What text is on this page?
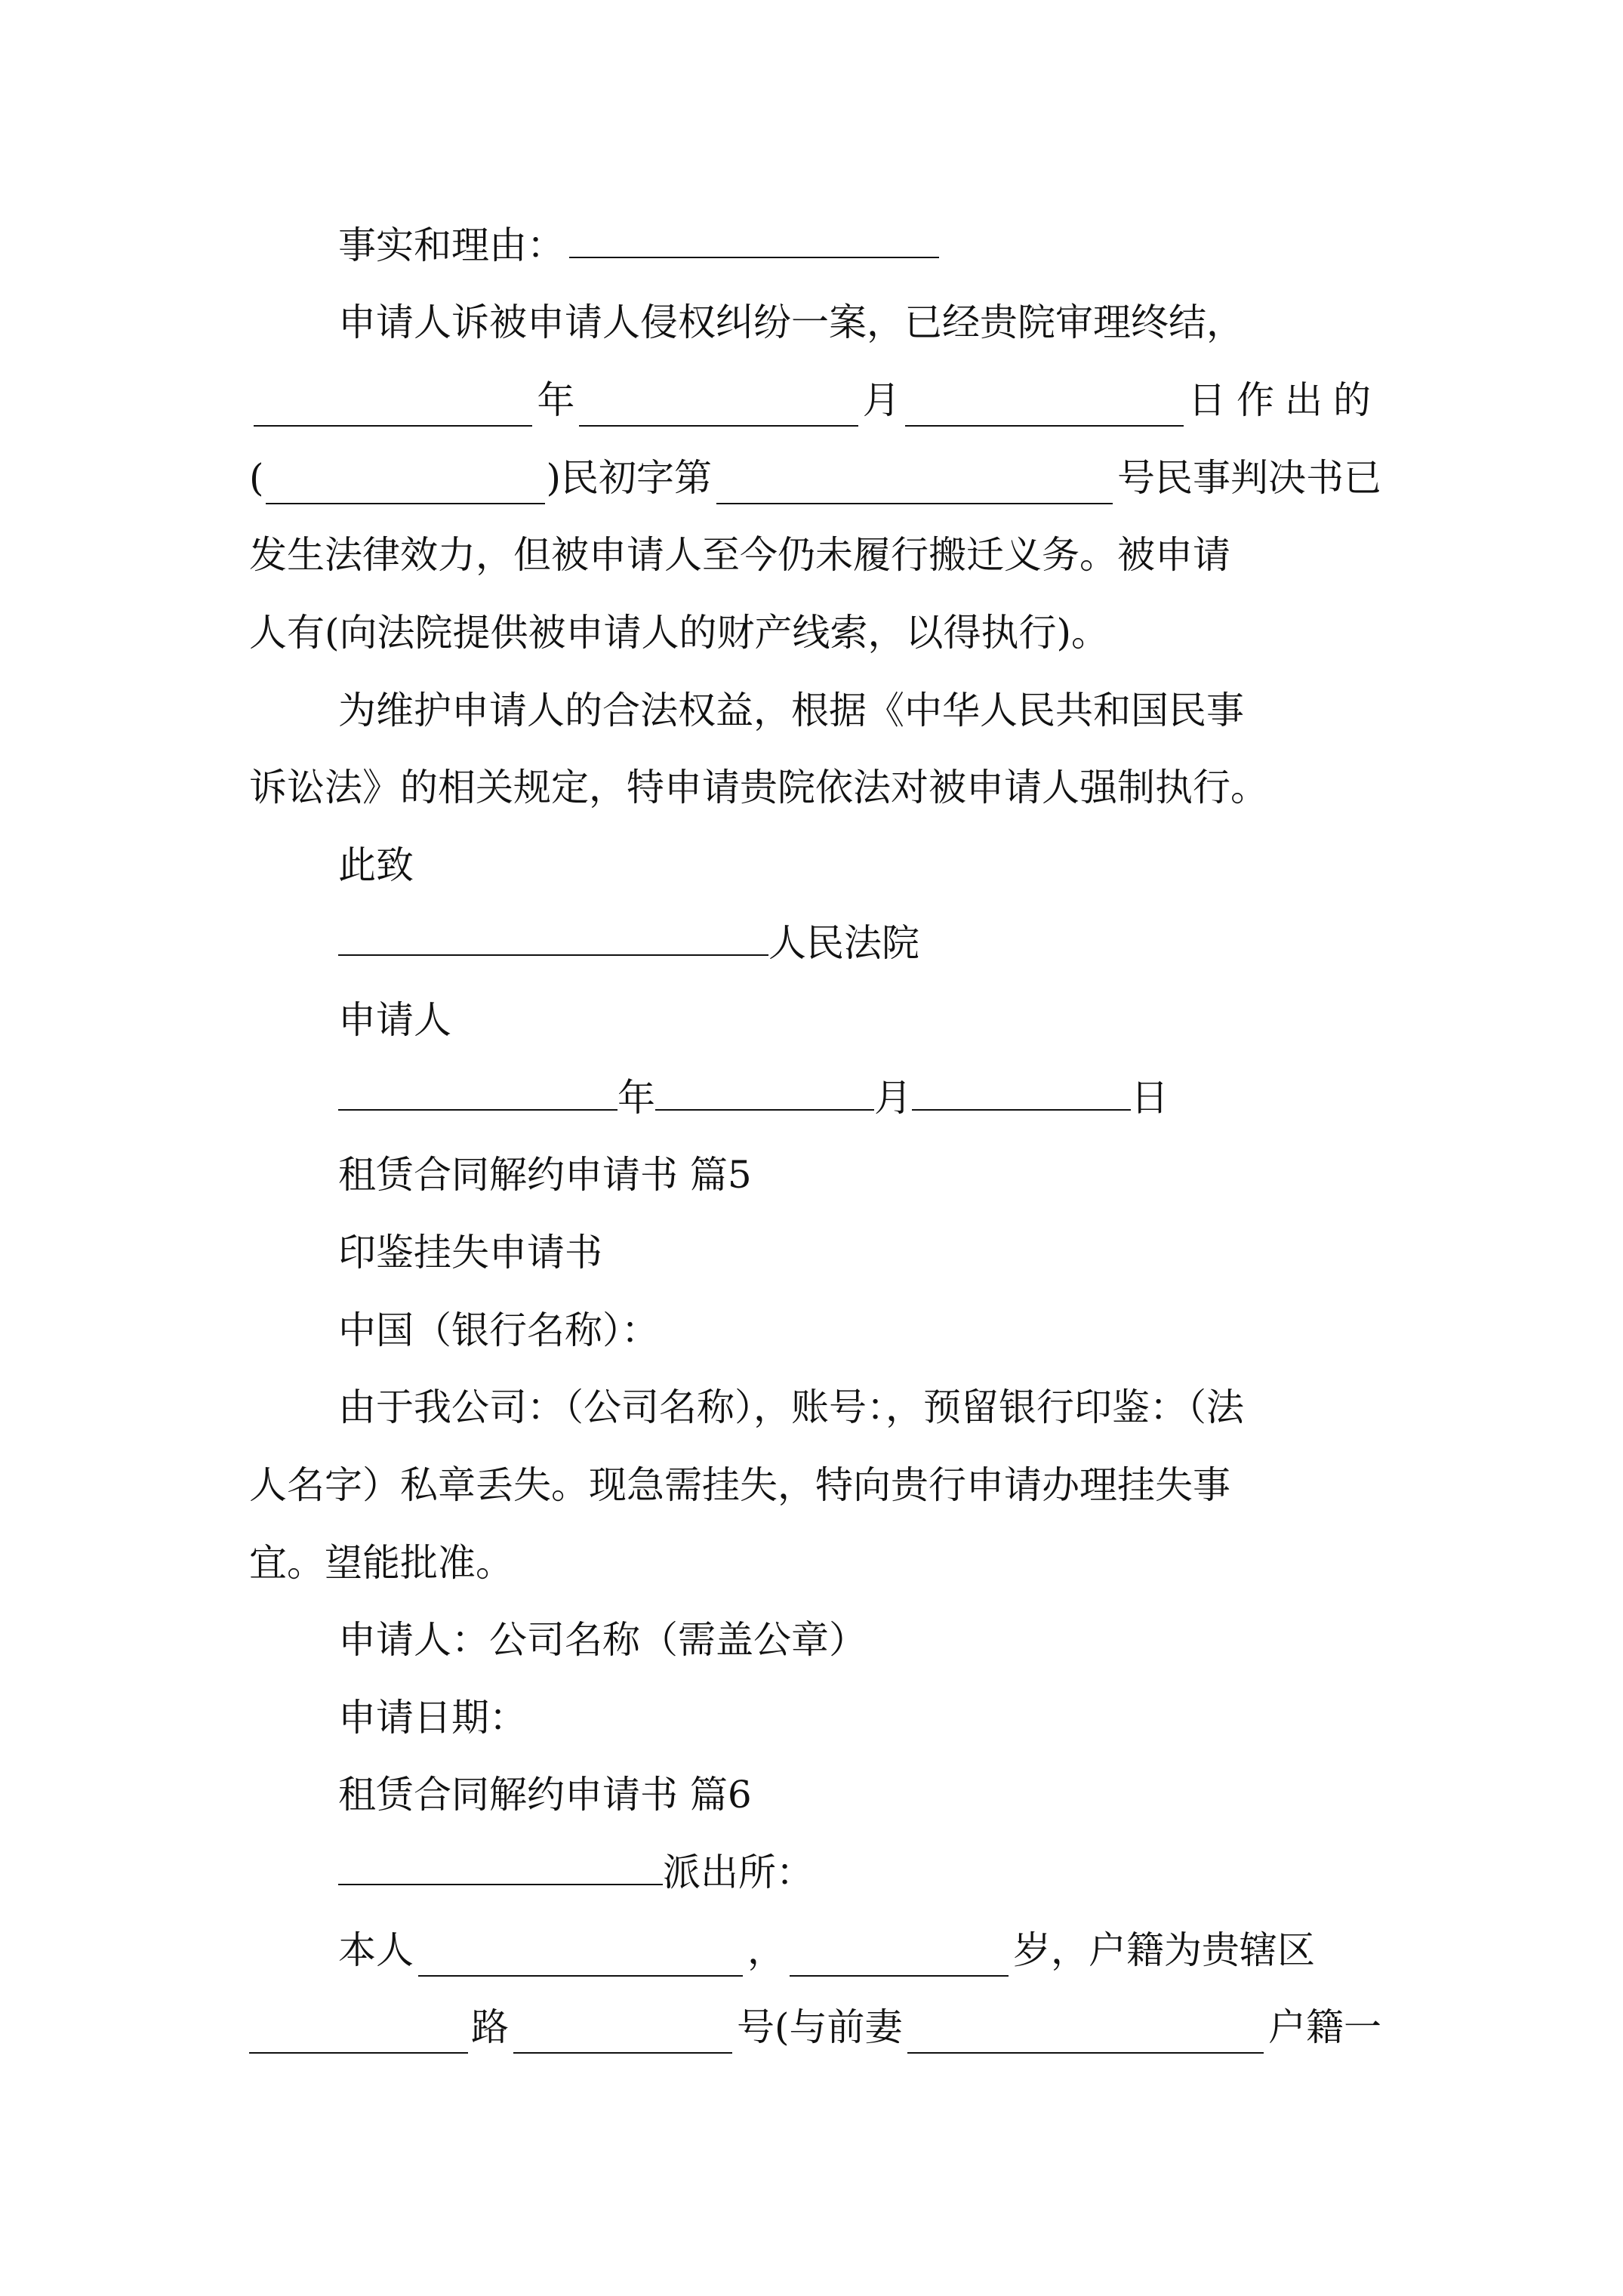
事实和理由：
申请人诉被申请人侵权纠纷一案，已经贵院审理终结，
年	月	日作出的
(	)民初字第	号民事判决书已
发生法律效力，但被申请人至今仍未履行搬迁义务。被申请
人有(向法院提供被申请人的财产线索，以得执行)。
为维护申请人的合法权益，根据《中华人民共和国民事
诉讼法》的相关规定，特申请贵院依法对被申请人强制执行。
此致
人民法院
申请人
年	月	日
租赁合同解约申请书 篇5
印鉴挂失申请书
中国（银行名称）：
由于我公司：（公司名称），账号：，预留银行印鉴：（法
人名字）私章丢失。现急需挂失，特向贵行申请办理挂失事
宜。望能批准。
申请人：公司名称（需盖公章）
申请日期：
租赁合同解约申请书 篇6
派出所：
本人	，	岁，户籍为贵辖区
路	号(与前妻	户籍一
